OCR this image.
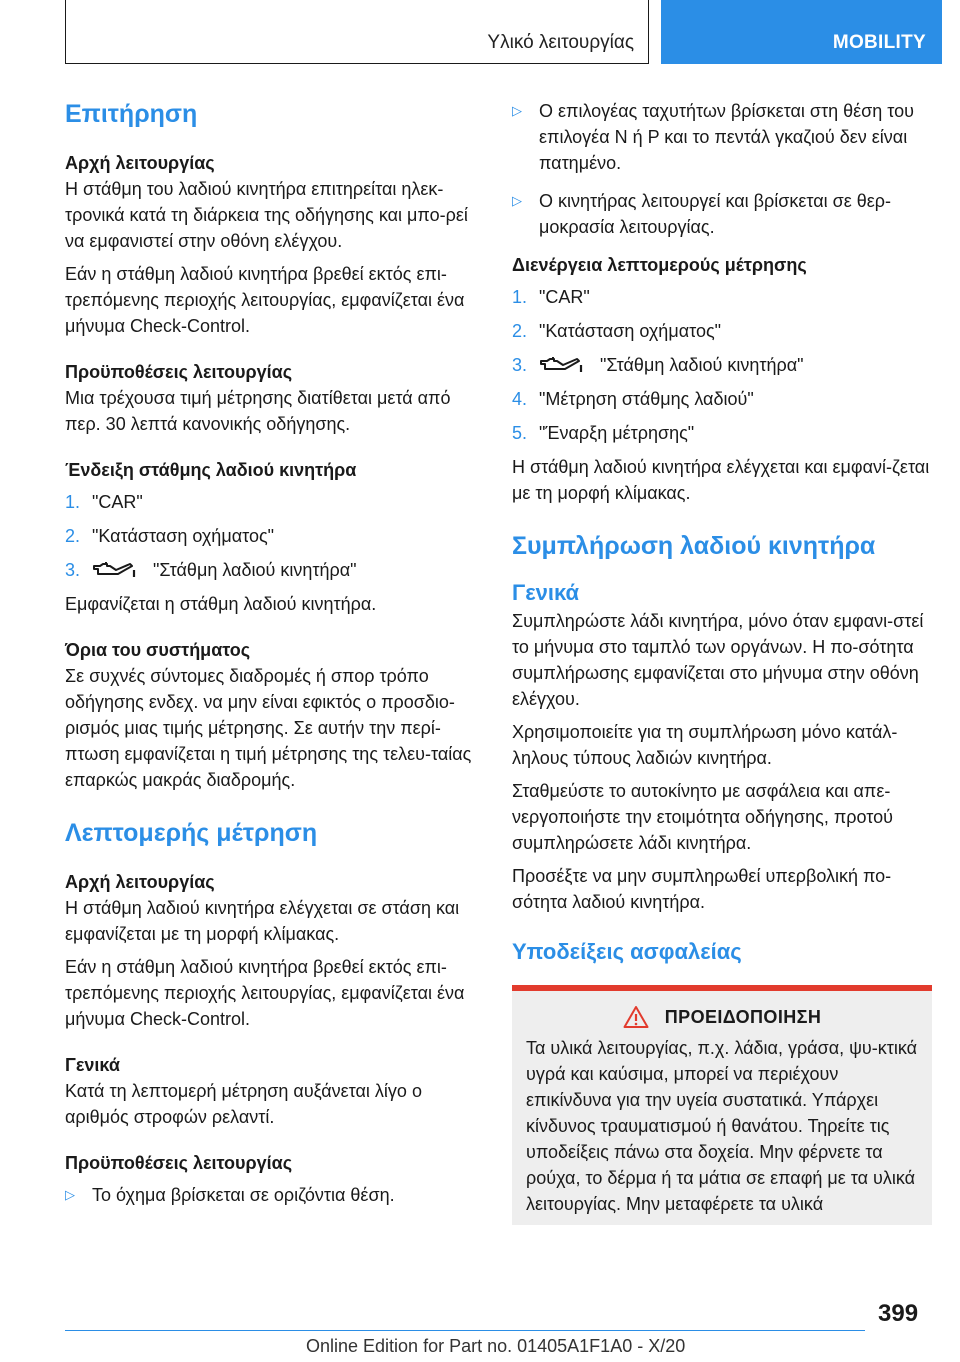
Υλικό λειτουργίας	MOBILITY
Επιτήρηση
Αρχή λειτουργίας
Η στάθμη του λαδιού κινητήρα επιτηρείται ηλεκ-τρονικά κατά τη διάρκεια της οδήγησης και μπο-ρεί να εμφανιστεί στην οθόνη ελέγχου.
Εάν η στάθμη λαδιού κινητήρα βρεθεί εκτός επι-τρεπόμενης περιοχής λειτουργίας, εμφανίζεται ένα μήνυμα Check-Control.
Προϋποθέσεις λειτουργίας
Μια τρέχουσα τιμή μέτρησης διατίθεται μετά από περ. 30 λεπτά κανονικής οδήγησης.
Ένδειξη στάθμης λαδιού κινητήρα
1. "CAR"
2. "Κατάσταση οχήματος"
3.	"Στάθμη λαδιού κινητήρα"
Εμφανίζεται η στάθμη λαδιού κινητήρα.
Όρια του συστήματος
Σε συχνές σύντομες διαδρομές ή σπορ τρόπο οδήγησης ενδεχ. να μην είναι εφικτός ο προσδιο-ρισμός μιας τιμής μέτρησης. Σε αυτήν την περί-πτωση εμφανίζεται η τιμή μέτρησης της τελευ-ταίας επαρκώς μακράς διαδρομής.
Λεπτομερής μέτρηση
Αρχή λειτουργίας
Η στάθμη λαδιού κινητήρα ελέγχεται σε στάση και εμφανίζεται με τη μορφή κλίμακας.
Εάν η στάθμη λαδιού κινητήρα βρεθεί εκτός επι-τρεπόμενης περιοχής λειτουργίας, εμφανίζεται ένα μήνυμα Check-Control.
Γενικά
Κατά τη λεπτομερή μέτρηση αυξάνεται λίγο ο αριθμός στροφών ρελαντί.
Προϋποθέσεις λειτουργίας
▷ Το όχημα βρίσκεται σε οριζόντια θέση.
▷ Ο επιλογέας ταχυτήτων βρίσκεται στη θέση του επιλογέα N ή P και το πεντάλ γκαζιού δεν είναι πατημένο.
▷ Ο κινητήρας λειτουργεί και βρίσκεται σε θερ-μοκρασία λειτουργίας.
Διενέργεια λεπτομερούς μέτρησης
1. "CAR"
2. "Κατάσταση οχήματος"
3.	"Στάθμη λαδιού κινητήρα"
4. "Μέτρηση στάθμης λαδιού"
5. "Έναρξη μέτρησης"
Η στάθμη λαδιού κινητήρα ελέγχεται και εμφανί-ζεται με τη μορφή κλίμακας.
Συμπλήρωση λαδιού κινητήρα
Γενικά
Συμπληρώστε λάδι κινητήρα, μόνο όταν εμφανι-στεί το μήνυμα στο ταμπλό των οργάνων. Η πο-σότητα συμπλήρωσης εμφανίζεται στο μήνυμα στην οθόνη ελέγχου.
Χρησιμοποιείτε για τη συμπλήρωση μόνο κατάλ-ληλους τύπους λαδιών κινητήρα.
Σταθμεύστε το αυτοκίνητο με ασφάλεια και απε-νεργοποιήστε την ετοιμότητα οδήγησης, προτού συμπληρώσετε λάδι κινητήρα.
Προσέξτε να μην συμπληρωθεί υπερβολική πο-σότητα λαδιού κινητήρα.
Υποδείξεις ασφαλείας
ΠΡΟΕΙΔΟΠΟΙΗΣΗ
Τα υλικά λειτουργίας, π.χ. λάδια, γράσα, ψυ-κτικά υγρά και καύσιμα, μπορεί να περιέχουν επικίνδυνα για την υγεία συστατικά. Υπάρχει κίνδυνος τραυματισμού ή θανάτου. Τηρείτε τις υποδείξεις πάνω στα δοχεία. Μην φέρνετε τα ρούχα, το δέρμα ή τα μάτια σε επαφή με τα υλικά λειτουργίας. Μην μεταφέρετε τα υλικά
399
Online Edition for Part no. 01405A1F1A0 - X/20
